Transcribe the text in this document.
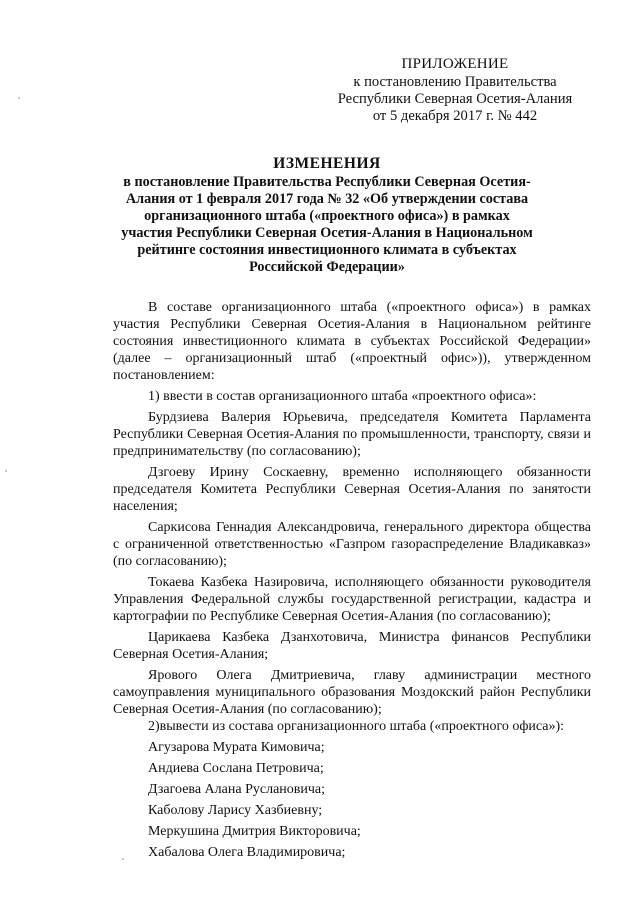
ПРИЛОЖЕНИЕ
к постановлению Правительства
Республики Северная Осетия-Алания
от 5 декабря 2017 г. № 442
ИЗМЕНЕНИЯ
в постановление Правительства Республики Северная Осетия-Алания от 1 февраля 2017 года № 32 «Об утверждении состава организационного штаба («проектного офиса») в рамках участия Республики Северная Осетия-Алания в Национальном рейтинге состояния инвестиционного климата в субъектах Российской Федерации»

В составе организационного штаба («проектного офиса») в рамках участия Республики Северная Осетия-Алания в Национальном рейтинге состояния инвестиционного климата в субъектах Российской Федерации» (далее – организационный штаб («проектный офис»)), утвержденном постановлением:

1) ввести в состав организационного штаба «проектного офиса»:

Бурдзиева Валерия Юрьевича, председателя Комитета Парламента Республики Северная Осетия-Алания по промышленности, транспорту, связи и предпринимательству (по согласованию);

Дзгоеву Ирину Соскаевну, временно исполняющего обязанности председателя Комитета Республики Северная Осетия-Алания по занятости населения;

Саркисова Геннадия Александровича, генерального директора общества с ограниченной ответственностью «Газпром газораспределение Владикавказ» (по согласованию);

Токаева Казбека Назировича, исполняющего обязанности руководителя Управления Федеральной службы государственной регистрации, кадастра и картографии по Республике Северная Осетия-Алания (по согласованию);

Царикаева Казбека Дзанхотовича, Министра финансов Республики Северная Осетия-Алания;

Ярового Олега Дмитриевича, главу администрации местного самоуправления муниципального образования Моздокский район Республики Северная Осетия-Алания (по согласованию);

2)вывести из состава организационного штаба («проектного офиса»):

Агузарова Мурата Кимовича;

Андиева Сослана Петровича;

Дзагоева Алана Руслановича;

Каболову Ларису Хазбиевну;

Меркушина Дмитрия Викторовича;

Хабалова Олега Владимировича;
